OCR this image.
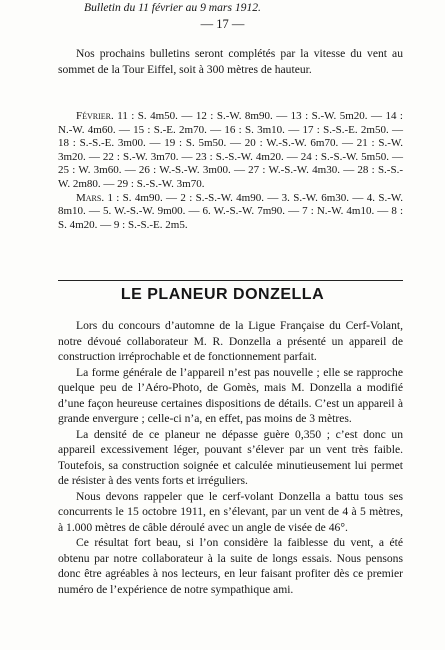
— 17 —

Nos prochains bulletins seront complétés par la vitesse du vent au sommet de la Tour Eiffel, soit à 300 mètres de hauteur.

Bulletin du 11 février au 9 mars 1912.

Février. 11 : S. 4m50. — 12 : S.-W. 8m90. — 13 : S.-W. 5m20. — 14 : N.-W. 4m60. — 15 : S.-E. 2m70. — 16 : S. 3m10. — 17 : S.-S.-E. 2m50. — 18 : S.-S.-E. 3m00. — 19 : S. 5m50. — 20 : W.-S.-W. 6m70. — 21 : S.-W. 3m20. — 22 : S.-W. 3m70. — 23 : S.-S.-W. 4m20. — 24 : S.-S.-W. 5m50. — 25 : W. 3m60. — 26 : W.-S.-W. 3m00. — 27 : W.-S.-W. 4m30. — 28 : S.-S.-W. 2m80. — 29 : S.-S.-W. 3m70.

Mars. 1 : S. 4m90. — 2 : S.-S.-W. 4m90. — 3. S.-W. 6m30. — 4. S.-W. 8m10. — 5. W.-S.-W. 9m00. — 6. W.-S.-W. 7m90. — 7 : N.-W. 4m10. — 8 : S. 4m20. — 9 : S.-S.-E. 2m5.

LE PLANEUR DONZELLA

Lors du concours d’automne de la Ligue Française du Cerf-Volant, notre dévoué collaborateur M. R. Donzella a présenté un appareil de construction irréprochable et de fonctionnement parfait.

La forme générale de l’appareil n’est pas nouvelle ; elle se rapproche quelque peu de l’Aéro-Photo, de Gomès, mais M. Donzella a modifié d’une façon heureuse certaines dispositions de détails. C’est un appareil à grande envergure ; celle-ci n’a, en effet, pas moins de 3 mètres.

La densité de ce planeur ne dépasse guère 0,350 ; c’est donc un appareil excessivement léger, pouvant s’élever par un vent très faible. Toutefois, sa construction soignée et calculée minutieusement lui permet de résister à des vents forts et irréguliers.

Nous devons rappeler que le cerf-volant Donzella a battu tous ses concurrents le 15 octobre 1911, en s’élevant, par un vent de 4 à 5 mètres, à 1.000 mètres de câble déroulé avec un angle de visée de 46°.

Ce résultat fort beau, si l’on considère la faiblesse du vent, a été obtenu par notre collaborateur à la suite de longs essais. Nous pensons donc être agréables à nos lecteurs, en leur faisant profiter dès ce premier numéro de l’expérience de notre sympathique ami.
